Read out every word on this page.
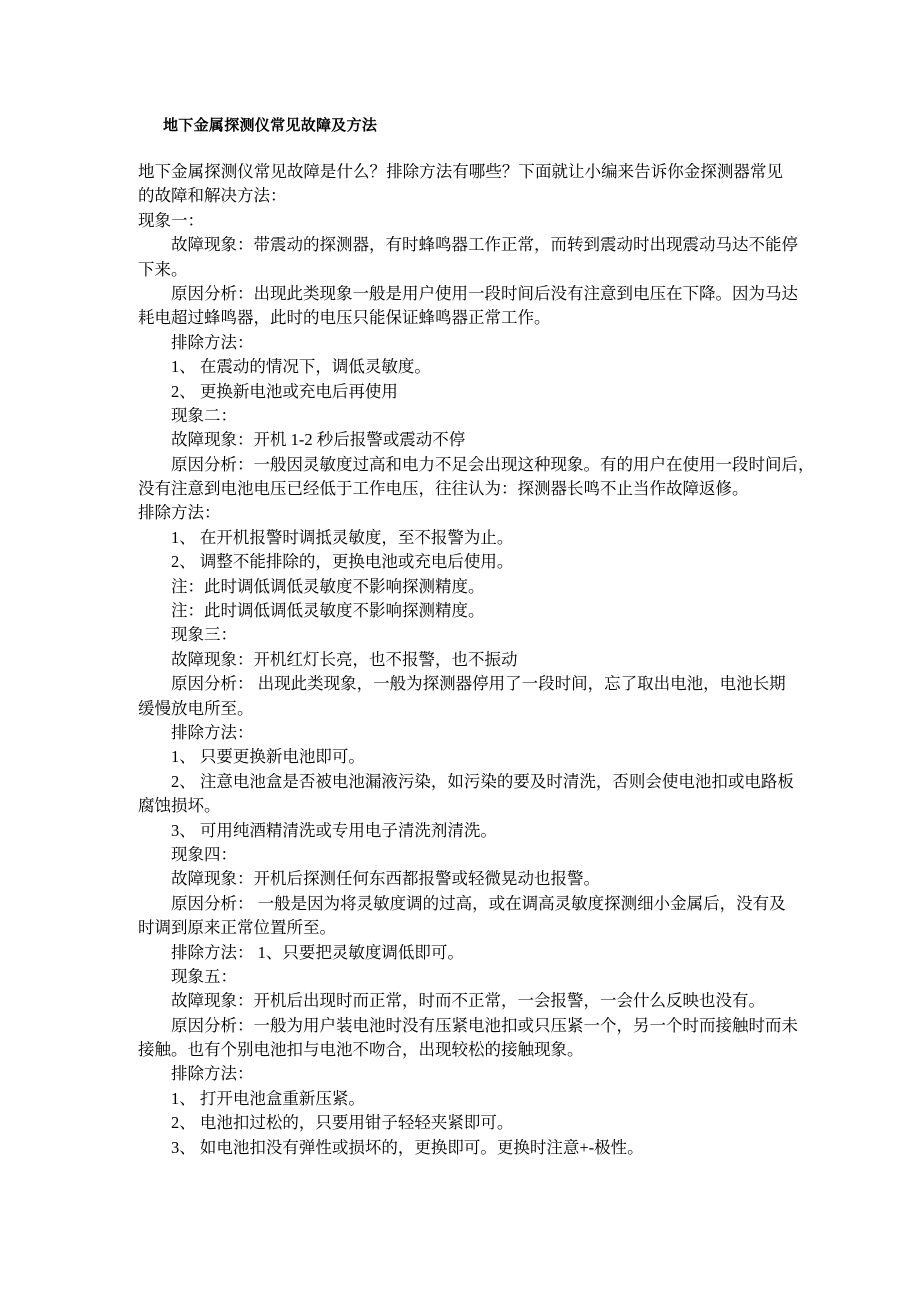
地下金属探测仪常见故障及方法
地下金属探测仪常见故障是什么？排除方法有哪些？下面就让小编来告诉你金探测器常见
的故障和解决方法：
现象一：
故障现象：带震动的探测器，有时蜂鸣器工作正常，而转到震动时出现震动马达不能停
下来。
原因分析：出现此类现象一般是用户使用一段时间后没有注意到电压在下降。因为马达
耗电超过蜂鸣器，此时的电压只能保证蜂鸣器正常工作。
排除方法：
1、 在震动的情况下，调低灵敏度。
2、 更换新电池或充电后再使用
现象二：
故障现象：开机 1-2 秒后报警或震动不停
原因分析：一般因灵敏度过高和电力不足会出现这种现象。有的用户在使用一段时间后，
没有注意到电池电压已经低于工作电压，往往认为：探测器长鸣不止当作故障返修。
排除方法：
1、 在开机报警时调抵灵敏度，至不报警为止。
2、 调整不能排除的，更换电池或充电后使用。
注：此时调低调低灵敏度不影响探测精度。
注：此时调低调低灵敏度不影响探测精度。
现象三：
故障现象：开机红灯长亮，也不报警，也不振动
原因分析： 出现此类现象，一般为探测器停用了一段时间，忘了取出电池，电池长期
缓慢放电所至。
排除方法：
1、 只要更换新电池即可。
2、 注意电池盒是否被电池漏液污染，如污染的要及时清洗，否则会使电池扣或电路板
腐蚀损坏。
3、 可用纯酒精清洗或专用电子清洗剂清洗。
现象四：
故障现象：开机后探测任何东西都报警或轻微晃动也报警。
原因分析： 一般是因为将灵敏度调的过高，或在调高灵敏度探测细小金属后，没有及
时调到原来正常位置所至。
排除方法： 1、只要把灵敏度调低即可。
现象五：
故障现象：开机后出现时而正常，时而不正常，一会报警，一会什么反映也没有。
原因分析：一般为用户装电池时没有压紧电池扣或只压紧一个，另一个时而接触时而未
接触。也有个别电池扣与电池不吻合，出现较松的接触现象。
排除方法：
1、 打开电池盒重新压紧。
2、 电池扣过松的，只要用钳子轻轻夹紧即可。
3、 如电池扣没有弹性或损坏的，更换即可。更换时注意+-极性。
